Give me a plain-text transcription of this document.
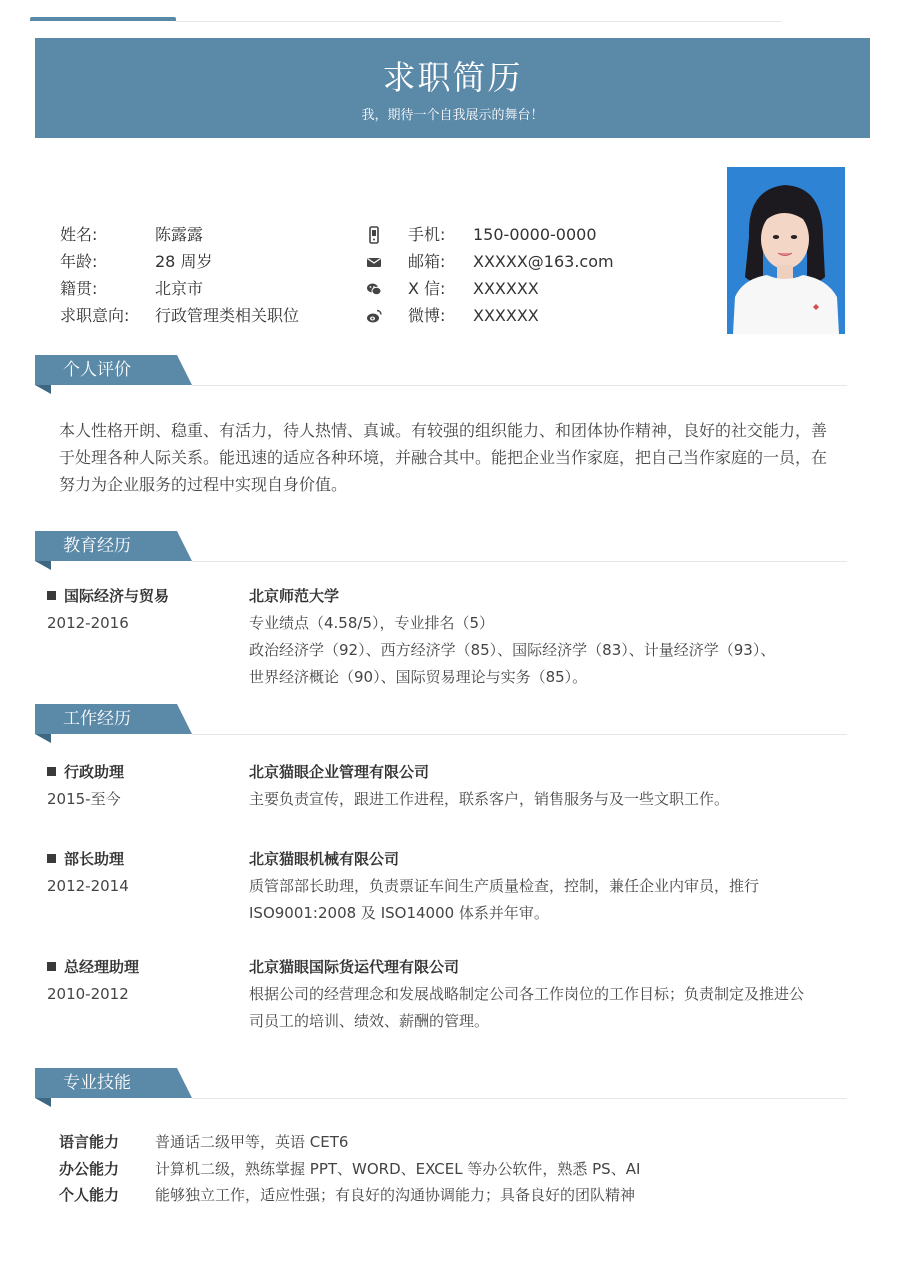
求职简历
我，期待一个自我展示的舞台！
姓名:	陈露露	手机: 150-0000-0000
年龄:	28 周岁	邮箱: XXXXX@163.com
籍贯:	北京市	X 信: XXXXXX
求职意向:	行政管理类相关职位	微博: XXXXXX
个人评价
本人性格开朗、稳重、有活力，待人热情、真诚。有较强的组织能力、和团体协作精神，良好的社交能力，善
于处理各种人际关系。能迅速的适应各种环境，并融合其中。能把企业当作家庭，把自己当作家庭的一员，在
努力为企业服务的过程中实现自身价值。
教育经历
国际经济与贸易
2012-2016
北京师范大学
专业绩点（4.58/5），专业排名（5）
政治经济学（92）、西方经济学（85）、国际经济学（83）、计量经济学（93）、
世界经济概论（90）、国际贸易理论与实务（85）。
工作经历
行政助理
2015-至今
北京猫眼企业管理有限公司
主要负责宣传，跟进工作进程，联系客户，销售服务与及一些文职工作。
部长助理
2012-2014
北京猫眼机械有限公司
质管部部长助理，负责票证车间生产质量检查，控制，兼任企业内审员，推行
ISO9001:2008 及 ISO14000 体系并年审。
总经理助理
2010-2012
北京猫眼国际货运代理有限公司
根据公司的经营理念和发展战略制定公司各工作岗位的工作目标；负责制定及推进公
司员工的培训、绩效、薪酬的管理。
专业技能
语言能力 普通话二级甲等，英语 CET6
办公能力 计算机二级，熟练掌握 PPT、WORD、EXCEL 等办公软件，熟悉 PS、AI
个人能力 能够独立工作，适应性强；有良好的沟通协调能力；具备良好的团队精神
